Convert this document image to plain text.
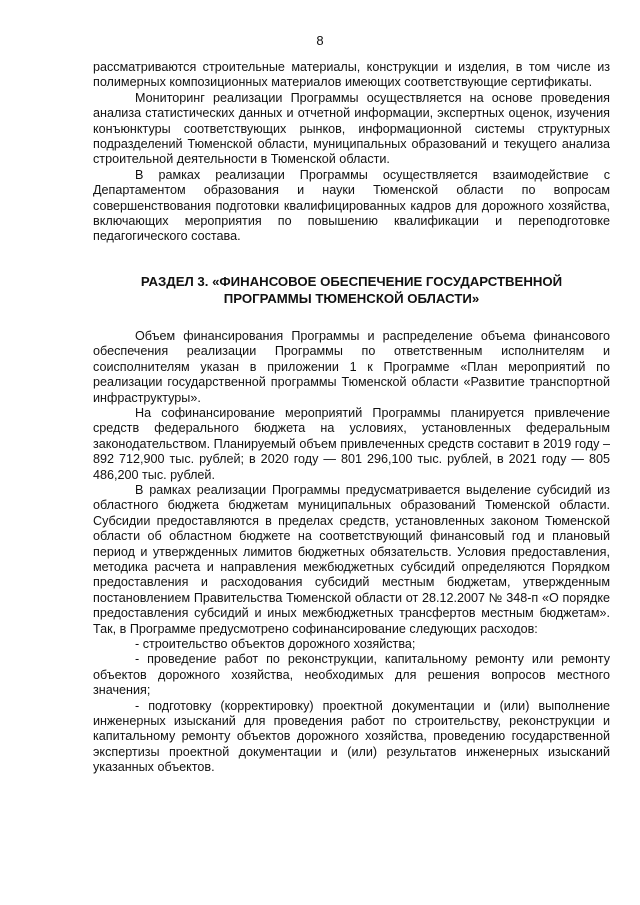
8

рассматриваются строительные материалы, конструкции и изделия, в том числе из полимерных композиционных материалов имеющих соответствующие сертификаты.

Мониторинг реализации Программы осуществляется на основе проведения анализа статистических данных и отчетной информации, экспертных оценок, изучения конъюнктуры соответствующих рынков, информационной системы структурных подразделений Тюменской области, муниципальных образований и текущего анализа строительной деятельности в Тюменской области.

В рамках реализации Программы осуществляется взаимодействие с Департаментом образования и науки Тюменской области по вопросам совершенствования подготовки квалифицированных кадров для дорожного хозяйства, включающих мероприятия по повышению квалификации и переподготовке педагогического состава.

РАЗДЕЛ 3. «ФИНАНСОВОЕ ОБЕСПЕЧЕНИЕ ГОСУДАРСТВЕННОЙ
ПРОГРАММЫ ТЮМЕНСКОЙ ОБЛАСТИ»

Объем финансирования Программы и распределение объема финансового обеспечения реализации Программы по ответственным исполнителям и соисполнителям указан в приложении 1 к Программе «План мероприятий по реализации государственной программы Тюменской области «Развитие транспортной инфраструктуры».

На софинансирование мероприятий Программы планируется привлечение средств федерального бюджета на условиях, установленных федеральным законодательством. Планируемый объем привлеченных средств составит в 2019 году – 892 712,900 тыс. рублей; в 2020 году — 801 296,100 тыс. рублей, в 2021 году — 805 486,200 тыс. рублей.

В рамках реализации Программы предусматривается выделение субсидий из областного бюджета бюджетам муниципальных образований Тюменской области. Субсидии предоставляются в пределах средств, установленных законом Тюменской области об областном бюджете на соответствующий финансовый год и плановый период и утвержденных лимитов бюджетных обязательств. Условия предоставления, методика расчета и направления межбюджетных субсидий определяются Порядком предоставления и расходования субсидий местным бюджетам, утвержденным постановлением Правительства Тюменской области от 28.12.2007 № 348-п «О порядке предоставления субсидий и иных межбюджетных трансфертов местным бюджетам». Так, в Программе предусмотрено софинансирование следующих расходов:

- строительство объектов дорожного хозяйства;

- проведение работ по реконструкции, капитальному ремонту или ремонту объектов дорожного хозяйства, необходимых для решения вопросов местного значения;

- подготовку (корректировку) проектной документации и (или) выполнение инженерных изысканий для проведения работ по строительству, реконструкции и капитальному ремонту объектов дорожного хозяйства, проведению государственной экспертизы проектной документации и (или) результатов инженерных изысканий указанных объектов.
